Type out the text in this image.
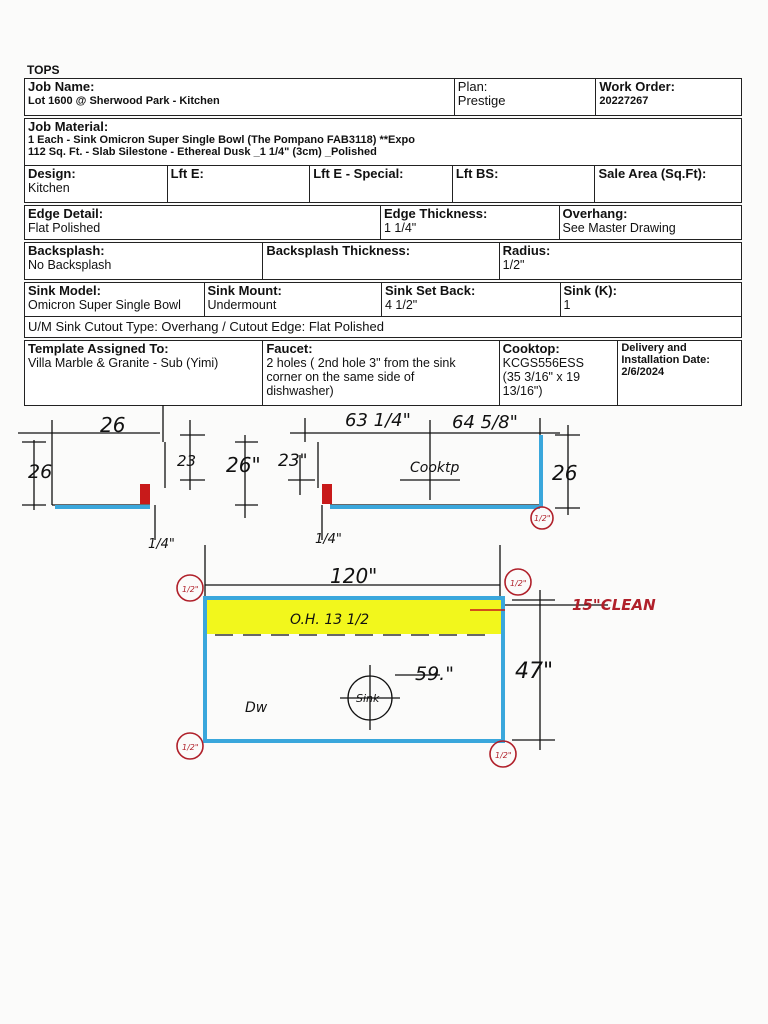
TOPS
Job Name:
Lot 1600 @ Sherwood Park - Kitchen
Plan:
Prestige
Work Order:
20227267
Job Material:
1 Each - Sink Omicron Super Single Bowl (The Pompano FAB3118) **Expo
112 Sq. Ft. - Slab Silestone - Ethereal Dusk _1 1/4" (3cm) _Polished
Design:
Kitchen
Lft E:	Lft E - Special:	Lft BS:	Sale Area (Sq.Ft):
Edge Detail:
Flat Polished
Edge Thickness:
1 1/4"
Overhang:
See Master Drawing
Backsplash:
No Backsplash
Backsplash Thickness:	Radius:
1/2"
Sink Model:
Omicron Super Single Bowl
Sink Mount:
Undermount
Sink Set Back:
4 1/2"
Sink (K):
1
U/M Sink Cutout Type: Overhang / Cutout Edge: Flat Polished
Template Assigned To:
Villa Marble & Granite - Sub (Yimi)
Faucet:
2 holes ( 2nd hole 3" from the sink
corner on the same side of
dishwasher)
Cooktop:
KCGS556ESS
(35 3/16" x 19
13/16")
Delivery and
Installation Date:
2/6/2024
26
26	23 26" 23"
1/4"	1/4"
63 1/4" 64 5/8"
Cooktp	26
1/2"
1/2"
1/2"
1/2"
1/2"
120"
15"CLEAN
O.H. 13 1/2
59."	47"
Sink
Dw
